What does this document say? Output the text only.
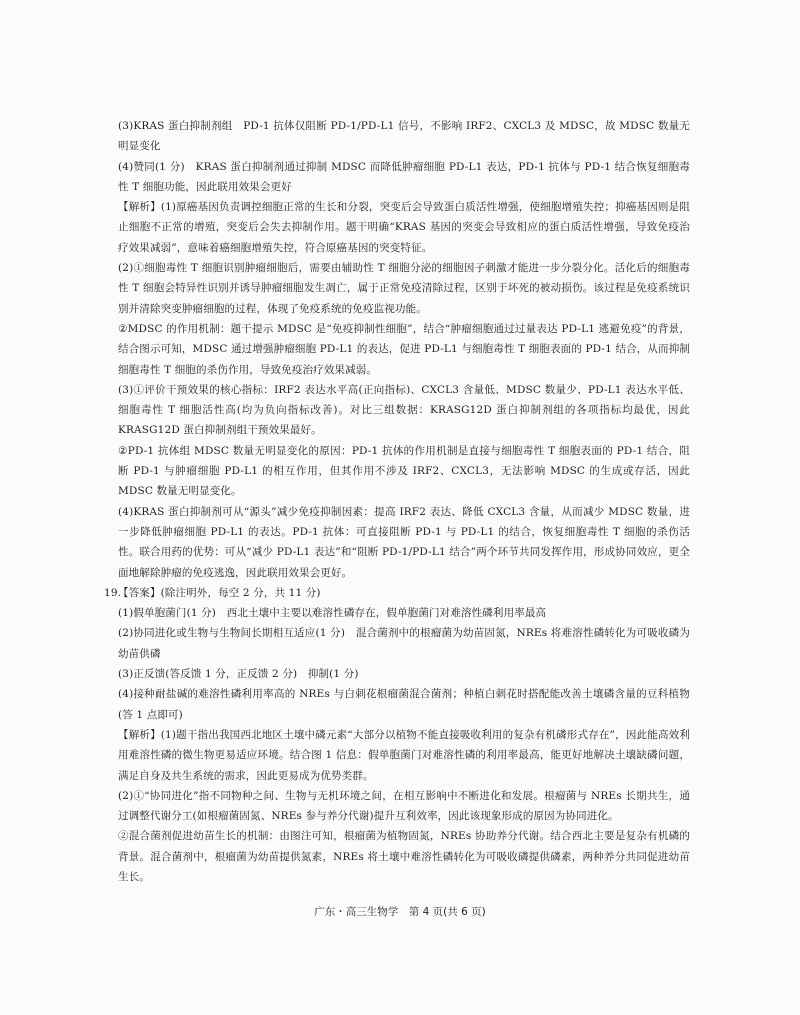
(3)KRAS 蛋白抑制剂组　PD-1 抗体仅阻断 PD-1/PD-L1 信号，不影响 IRF2、CXCL3 及 MDSC，故 MDSC 数量无明显变化

(4)赞同(1 分)　KRAS 蛋白抑制剂通过抑制 MDSC 而降低肿瘤细胞 PD-L1 表达，PD-1 抗体与 PD-1 结合恢复细胞毒性 T 细胞功能，因此联用效果会更好

【解析】(1)原癌基因负责调控细胞正常的生长和分裂，突变后会导致蛋白质活性增强，使细胞增殖失控；抑癌基因则是阻止细胞不正常的增殖，突变后会失去抑制作用。题干明确“KRAS 基因的突变会导致相应的蛋白质活性增强，导致免疫治疗效果减弱”，意味着癌细胞增殖失控，符合原癌基因的突变特征。

(2)①细胞毒性 T 细胞识别肿瘤细胞后，需要由辅助性 T 细胞分泌的细胞因子刺激才能进一步分裂分化。活化后的细胞毒性 T 细胞会特异性识别并诱导肿瘤细胞发生凋亡，属于正常免疫清除过程，区别于坏死的被动损伤。该过程是免疫系统识别并清除突变肿瘤细胞的过程，体现了免疫系统的免疫监视功能。

②MDSC 的作用机制：题干提示 MDSC 是“免疫抑制性细胞”，结合“肿瘤细胞通过过量表达 PD-L1 逃避免疫”的背景，结合图示可知，MDSC 通过增强肿瘤细胞 PD-L1 的表达，促进 PD-L1 与细胞毒性 T 细胞表面的 PD-1 结合，从而抑制细胞毒性 T 细胞的杀伤作用，导致免疫治疗效果减弱。

(3)①评价干预效果的核心指标：IRF2 表达水平高(正向指标)、CXCL3 含量低、MDSC 数量少、PD-L1 表达水平低、细胞毒性 T 细胞活性高(均为负向指标改善)。对比三组数据：KRASG12D 蛋白抑制剂组的各项指标均最优，因此 KRASG12D 蛋白抑制剂组干预效果最好。

②PD-1 抗体组 MDSC 数量无明显变化的原因：PD-1 抗体的作用机制是直接与细胞毒性 T 细胞表面的 PD-1 结合，阻断 PD-1 与肿瘤细胞 PD-L1 的相互作用，但其作用不涉及 IRF2、CXCL3，无法影响 MDSC 的生成或存活，因此 MDSC 数量无明显变化。

(4)KRAS 蛋白抑制剂可从“源头”减少免疫抑制因素：提高 IRF2 表达、降低 CXCL3 含量，从而减少 MDSC 数量，进一步降低肿瘤细胞 PD-L1 的表达。PD-1 抗体：可直接阻断 PD-1 与 PD-L1 的结合，恢复细胞毒性 T 细胞的杀伤活性。联合用药的优势：可从“减少 PD-L1 表达”和“阻断 PD-1/PD-L1 结合”两个环节共同发挥作用，形成协同效应，更全面地解除肿瘤的免疫逃逸，因此联用效果会更好。

19.

【答案】(除注明外，每空 2 分，共 11 分)

(1)假单胞菌门(1 分)　西北土壤中主要以难溶性磷存在，假单胞菌门对难溶性磷利用率最高

(2)协同进化或生物与生物间长期相互适应(1 分)　混合菌剂中的根瘤菌为幼苗固氮，NREs 将难溶性磷转化为可吸收磷为幼苗供磷

(3)正反馈(答反馈 1 分，正反馈 2 分)　抑制(1 分)

(4)接种耐盐碱的难溶性磷利用率高的 NREs 与白刺花根瘤菌混合菌剂；种植白刺花时搭配能改善土壤磷含量的豆科植物(答 1 点即可)

【解析】(1)题干指出我国西北地区土壤中磷元素“大部分以植物不能直接吸收利用的复杂有机磷形式存在”，因此能高效利用难溶性磷的微生物更易适应环境。结合图 1 信息：假单胞菌门对难溶性磷的利用率最高，能更好地解决土壤缺磷问题，满足自身及共生系统的需求，因此更易成为优势类群。

(2)①“协同进化”指不同物种之间、生物与无机环境之间，在相互影响中不断进化和发展。根瘤菌与 NREs 长期共生，通过调整代谢分工(如根瘤菌固氮、NREs 参与养分代谢)提升互利效率，因此该现象形成的原因为协同进化。

②混合菌剂促进幼苗生长的机制：由图注可知，根瘤菌为植物固氮，NREs 协助养分代谢。结合西北主要是复杂有机磷的背景。混合菌剂中，根瘤菌为幼苗提供氮素，NREs 将土壤中难溶性磷转化为可吸收磷提供磷素，两种养分共同促进幼苗生长。

广东・高三生物学　第 4 页(共 6 页)
